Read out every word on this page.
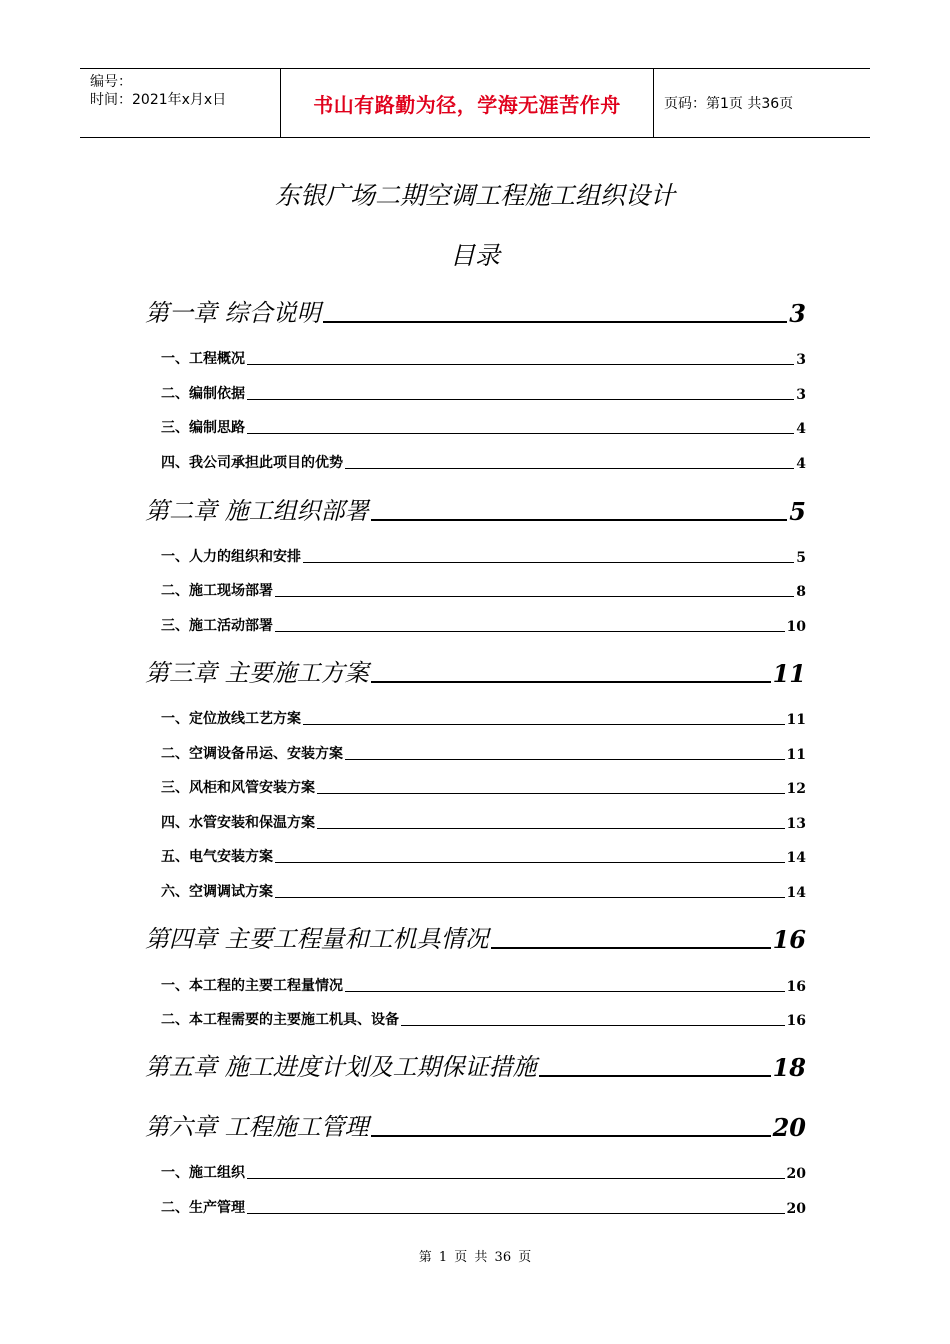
编号：
时间：2021年x月x日	书山有路勤为径，学海无涯苦作舟	页码：第1页 共36页
东银广场二期空调工程施工组织设计
目录
第一章 综合说明	3
一、工程概况	3
二、编制依据	3
三、编制思路	4
四、我公司承担此项目的优势	4
第二章 施工组织部署	5
一、人力的组织和安排	5
二、施工现场部署	8
三、施工活动部署	10
第三章 主要施工方案	11
一、定位放线工艺方案	11
二、空调设备吊运、安装方案	11
三、风柜和风管安装方案	12
四、水管安装和保温方案	13
五、电气安装方案	14
六、空调调试方案	14
第四章 主要工程量和工机具情况	16
一、本工程的主要工程量情况	16
二、本工程需要的主要施工机具、设备	16
第五章 施工进度计划及工期保证措施	18
第六章 工程施工管理	20
一、施工组织	20
二、生产管理	20
第 1 页 共 36 页
